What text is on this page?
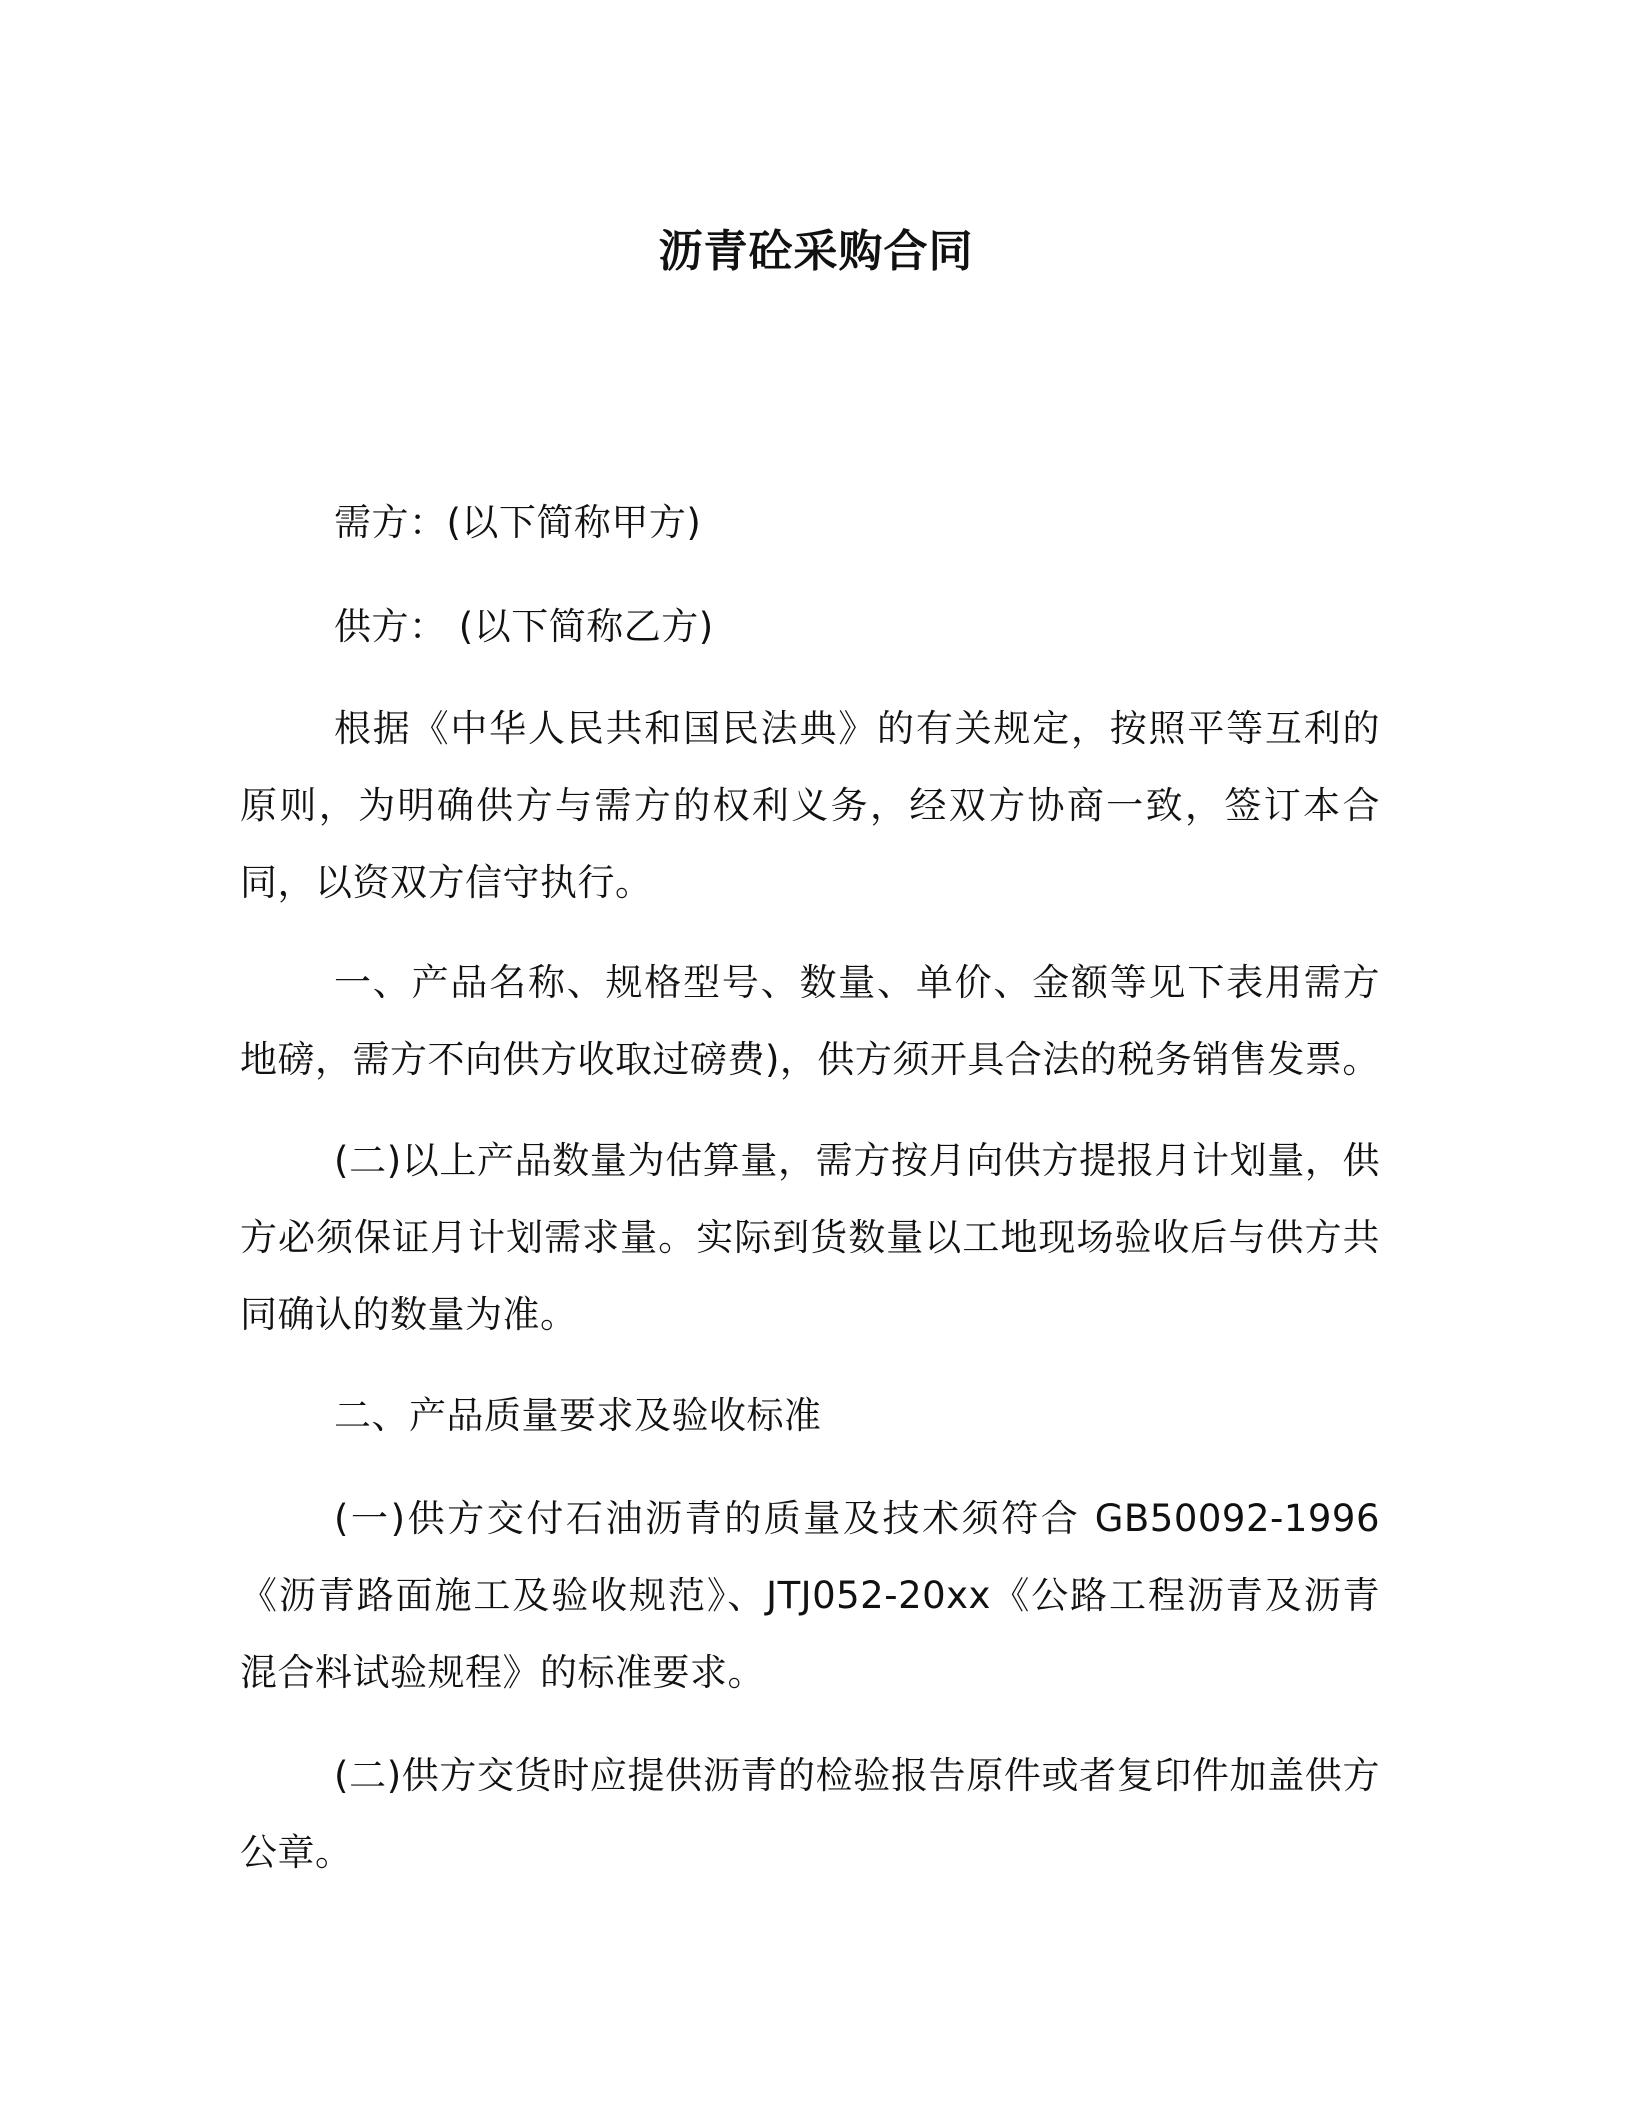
沥青砼采购合同

需方：(以下简称甲方)

供方： (以下简称乙方)

根据《中华人民共和国民法典》的有关规定，按照平等互利的原则，为明确供方与需方的权利义务，经双方协商一致，签订本合同，以资双方信守执行。

一、产品名称、规格型号、数量、单价、金额等见下表用需方地磅，需方不向供方收取过磅费)，供方须开具合法的税务销售发票。

(二)以上产品数量为估算量，需方按月向供方提报月计划量，供方必须保证月计划需求量。实际到货数量以工地现场验收后与供方共同确认的数量为准。

二、产品质量要求及验收标准

(一)供方交付石油沥青的质量及技术须符合 GB50092-1996《沥青路面施工及验收规范》、JTJ052-20xx《公路工程沥青及沥青混合料试验规程》的标准要求。

(二)供方交货时应提供沥青的检验报告原件或者复印件加盖供方公章。
